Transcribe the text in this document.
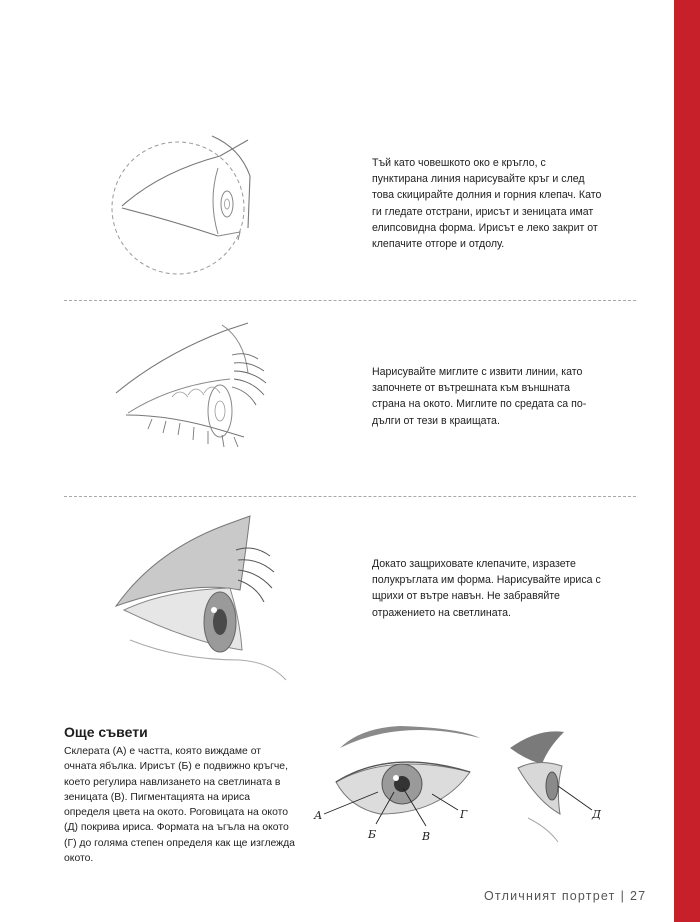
Тъй като човешкото око е кръгло, с пунктирана линия нарисувайте кръг и след това скицирайте долния и горния клепач. Като ги гледате отстрани, ирисът и зеницата имат елипсовидна форма. Ирисът е леко закрит от клепачите отгоре и отдолу.
Нарисувайте миглите с извити линии, като започнете от вътрешната към външната страна на окото. Миглите по средата са по-дълги от тези в краищата.
Докато защриховате клепачите, изразете полукръглата им форма. Нарисувайте ириса с щрихи от вътре навън. Не забравяйте отражението на светлината.
Още съвети
Склерата (А) е частта, която виждаме от очната ябълка. Ирисът (Б) е подвижно кръгче, което регулира навлизането на светлината в зеницата (В). Пигментацията на ириса определя цвета на окото. Роговицата на окото (Д) покрива ириса. Формата на ъгъла на окото (Г) до голяма степен определя как ще изглежда окото.
А
Б	В
Г	Д
Отличният портрет | 27
